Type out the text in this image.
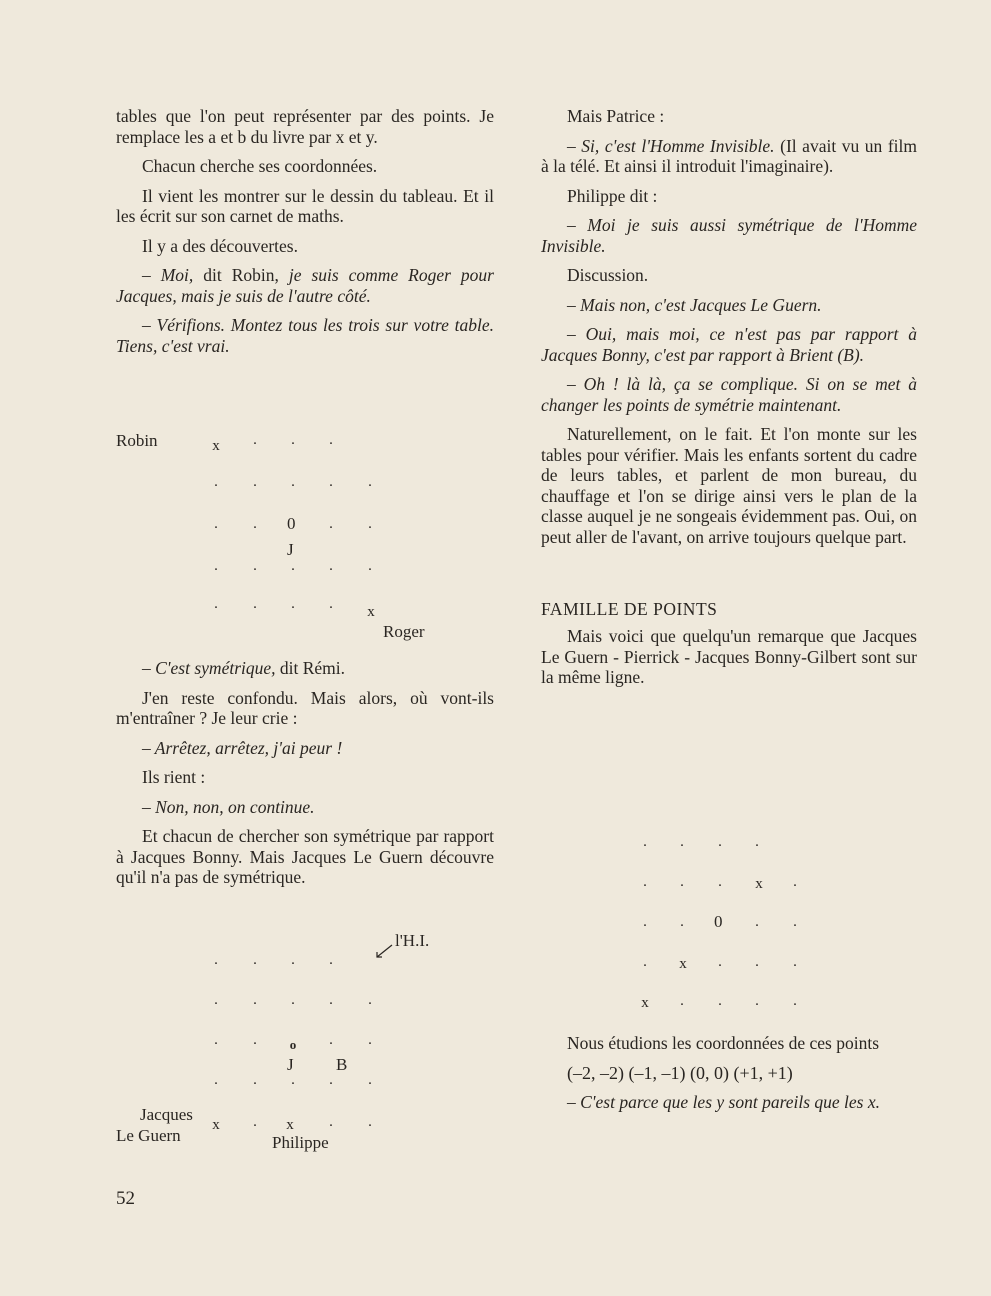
tables que l'on peut représenter par des points. Je remplace les a et b du livre par x et y.

Chacun cherche ses coordonnées.

Il vient les montrer sur le dessin du tableau. Et il les écrit sur son carnet de maths.

Il y a des découvertes.

– Moi, dit Robin, je suis comme Roger pour Jacques, mais je suis de l'autre côté.

– Vérifions. Montez tous les trois sur votre table. Tiens, c'est vrai.

Robin	x . . .
. . . . .
. . 0 . .
J
. . . . .
. . . . x
Roger

– C'est symétrique, dit Rémi.

J'en reste confondu. Mais alors, où vont-ils m'entraîner ? Je leur crie :

– Arrêtez, arrêtez, j'ai peur !

Ils rient :

– Non, non, on continue.

Et chacun de chercher son symétrique par rapport à Jacques Bonny. Mais Jacques Le Guern découvre qu'il n'a pas de symétrique.

l'H.I.
. . . .
. . . . .
. .	o . .
J B
. . . . .
Jacques
Le Guern
x . x . .
Philippe

Mais Patrice :

– Si, c'est l'Homme Invisible. (Il avait vu un film à la télé. Et ainsi il introduit l'imaginaire).

Philippe dit :

– Moi je suis aussi symétrique de l'Homme Invisible.

Discussion.

– Mais non, c'est Jacques Le Guern.

– Oui, mais moi, ce n'est pas par rapport à Jacques Bonny, c'est par rapport à Brient (B).

– Oh ! là là, ça se complique. Si on se met à changer les points de symétrie maintenant.

Naturellement, on le fait. Et l'on monte sur les tables pour vérifier. Mais les enfants sortent du cadre de leurs tables, et parlent de mon bureau, du chauffage et l'on se dirige ainsi vers le plan de la classe auquel je ne songeais évidemment pas. Oui, on peut aller de l'avant, on arrive toujours quelque part.

FAMILLE DE POINTS

Mais voici que quelqu'un remarque que Jacques Le Guern - Pierrick - Jacques Bonny-Gilbert sont sur la même ligne.

. . . .
. . . x .
. . 0 . .
. x . . .
x . . . .

Nous étudions les coordonnées de ces points

(–2, –2) (–1, –1) (0, 0) (+1, +1)

– C'est parce que les y sont pareils que les x.

52
